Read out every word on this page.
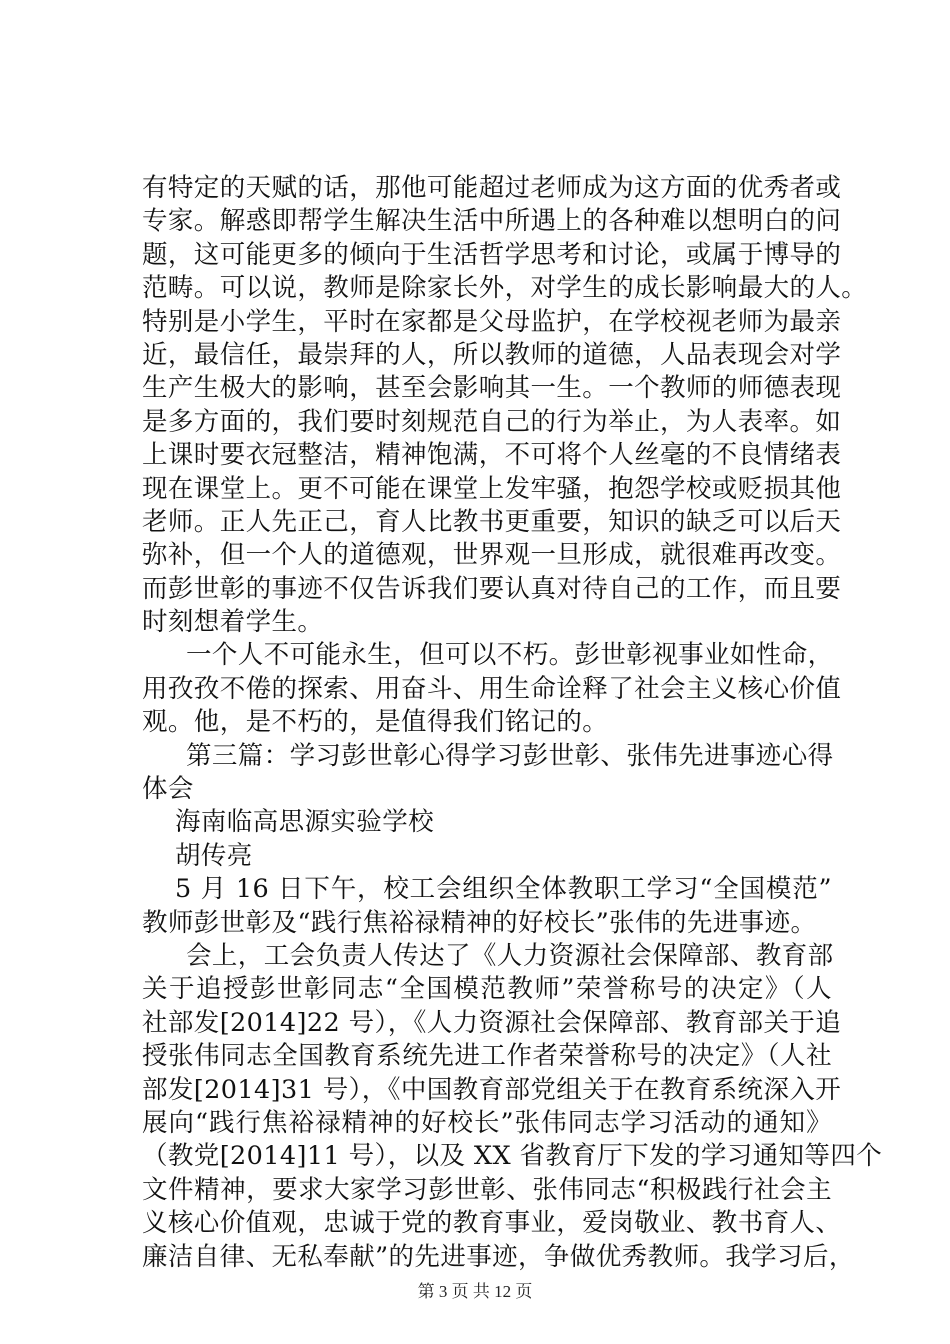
有特定的天赋的话，那他可能超过老师成为这方面的优秀者或
专家。解惑即帮学生解决生活中所遇上的各种难以想明白的问
题，这可能更多的倾向于生活哲学思考和讨论，或属于博导的
范畴。可以说，教师是除家长外，对学生的成长影响最大的人。
特别是小学生，平时在家都是父母监护，在学校视老师为最亲
近，最信任，最崇拜的人，所以教师的道德，人品表现会对学
生产生极大的影响，甚至会影响其一生。一个教师的师德表现
是多方面的，我们要时刻规范自己的行为举止，为人表率。如
上课时要衣冠整洁，精神饱满，不可将个人丝毫的不良情绪表
现在课堂上。更不可能在课堂上发牢骚，抱怨学校或贬损其他
老师。正人先正己，育人比教书更重要，知识的缺乏可以后天
弥补，但一个人的道德观，世界观一旦形成，就很难再改变。
而彭世彰的事迹不仅告诉我们要认真对待自己的工作，而且要
时刻想着学生。
一个人不可能永生，但可以不朽。彭世彰视事业如性命，
用孜孜不倦的探索、用奋斗、用生命诠释了社会主义核心价值
观。他，是不朽的，是值得我们铭记的。
第三篇：学习彭世彰心得学习彭世彰、张伟先进事迹心得
体会
海南临高思源实验学校
胡传亮
5 月 16 日下午，校工会组织全体教职工学习“全国模范”
教师彭世彰及“践行焦裕禄精神的好校长”张伟的先进事迹。
会上，工会负责人传达了《人力资源社会保障部、教育部
关于追授彭世彰同志“全国模范教师”荣誉称号的决定》（人
社部发[2014]22 号），《人力资源社会保障部、教育部关于追
授张伟同志全国教育系统先进工作者荣誉称号的决定》（人社
部发[2014]31 号），《中国教育部党组关于在教育系统深入开
展向“践行焦裕禄精神的好校长”张伟同志学习活动的通知》
（教党[2014]11 号），以及 XX 省教育厅下发的学习通知等四个
文件精神，要求大家学习彭世彰、张伟同志“积极践行社会主
义核心价值观，忠诚于党的教育事业，爱岗敬业、教书育人、
廉洁自律、无私奉献”的先进事迹，争做优秀教师。我学习后，
第 3 页 共 12 页
